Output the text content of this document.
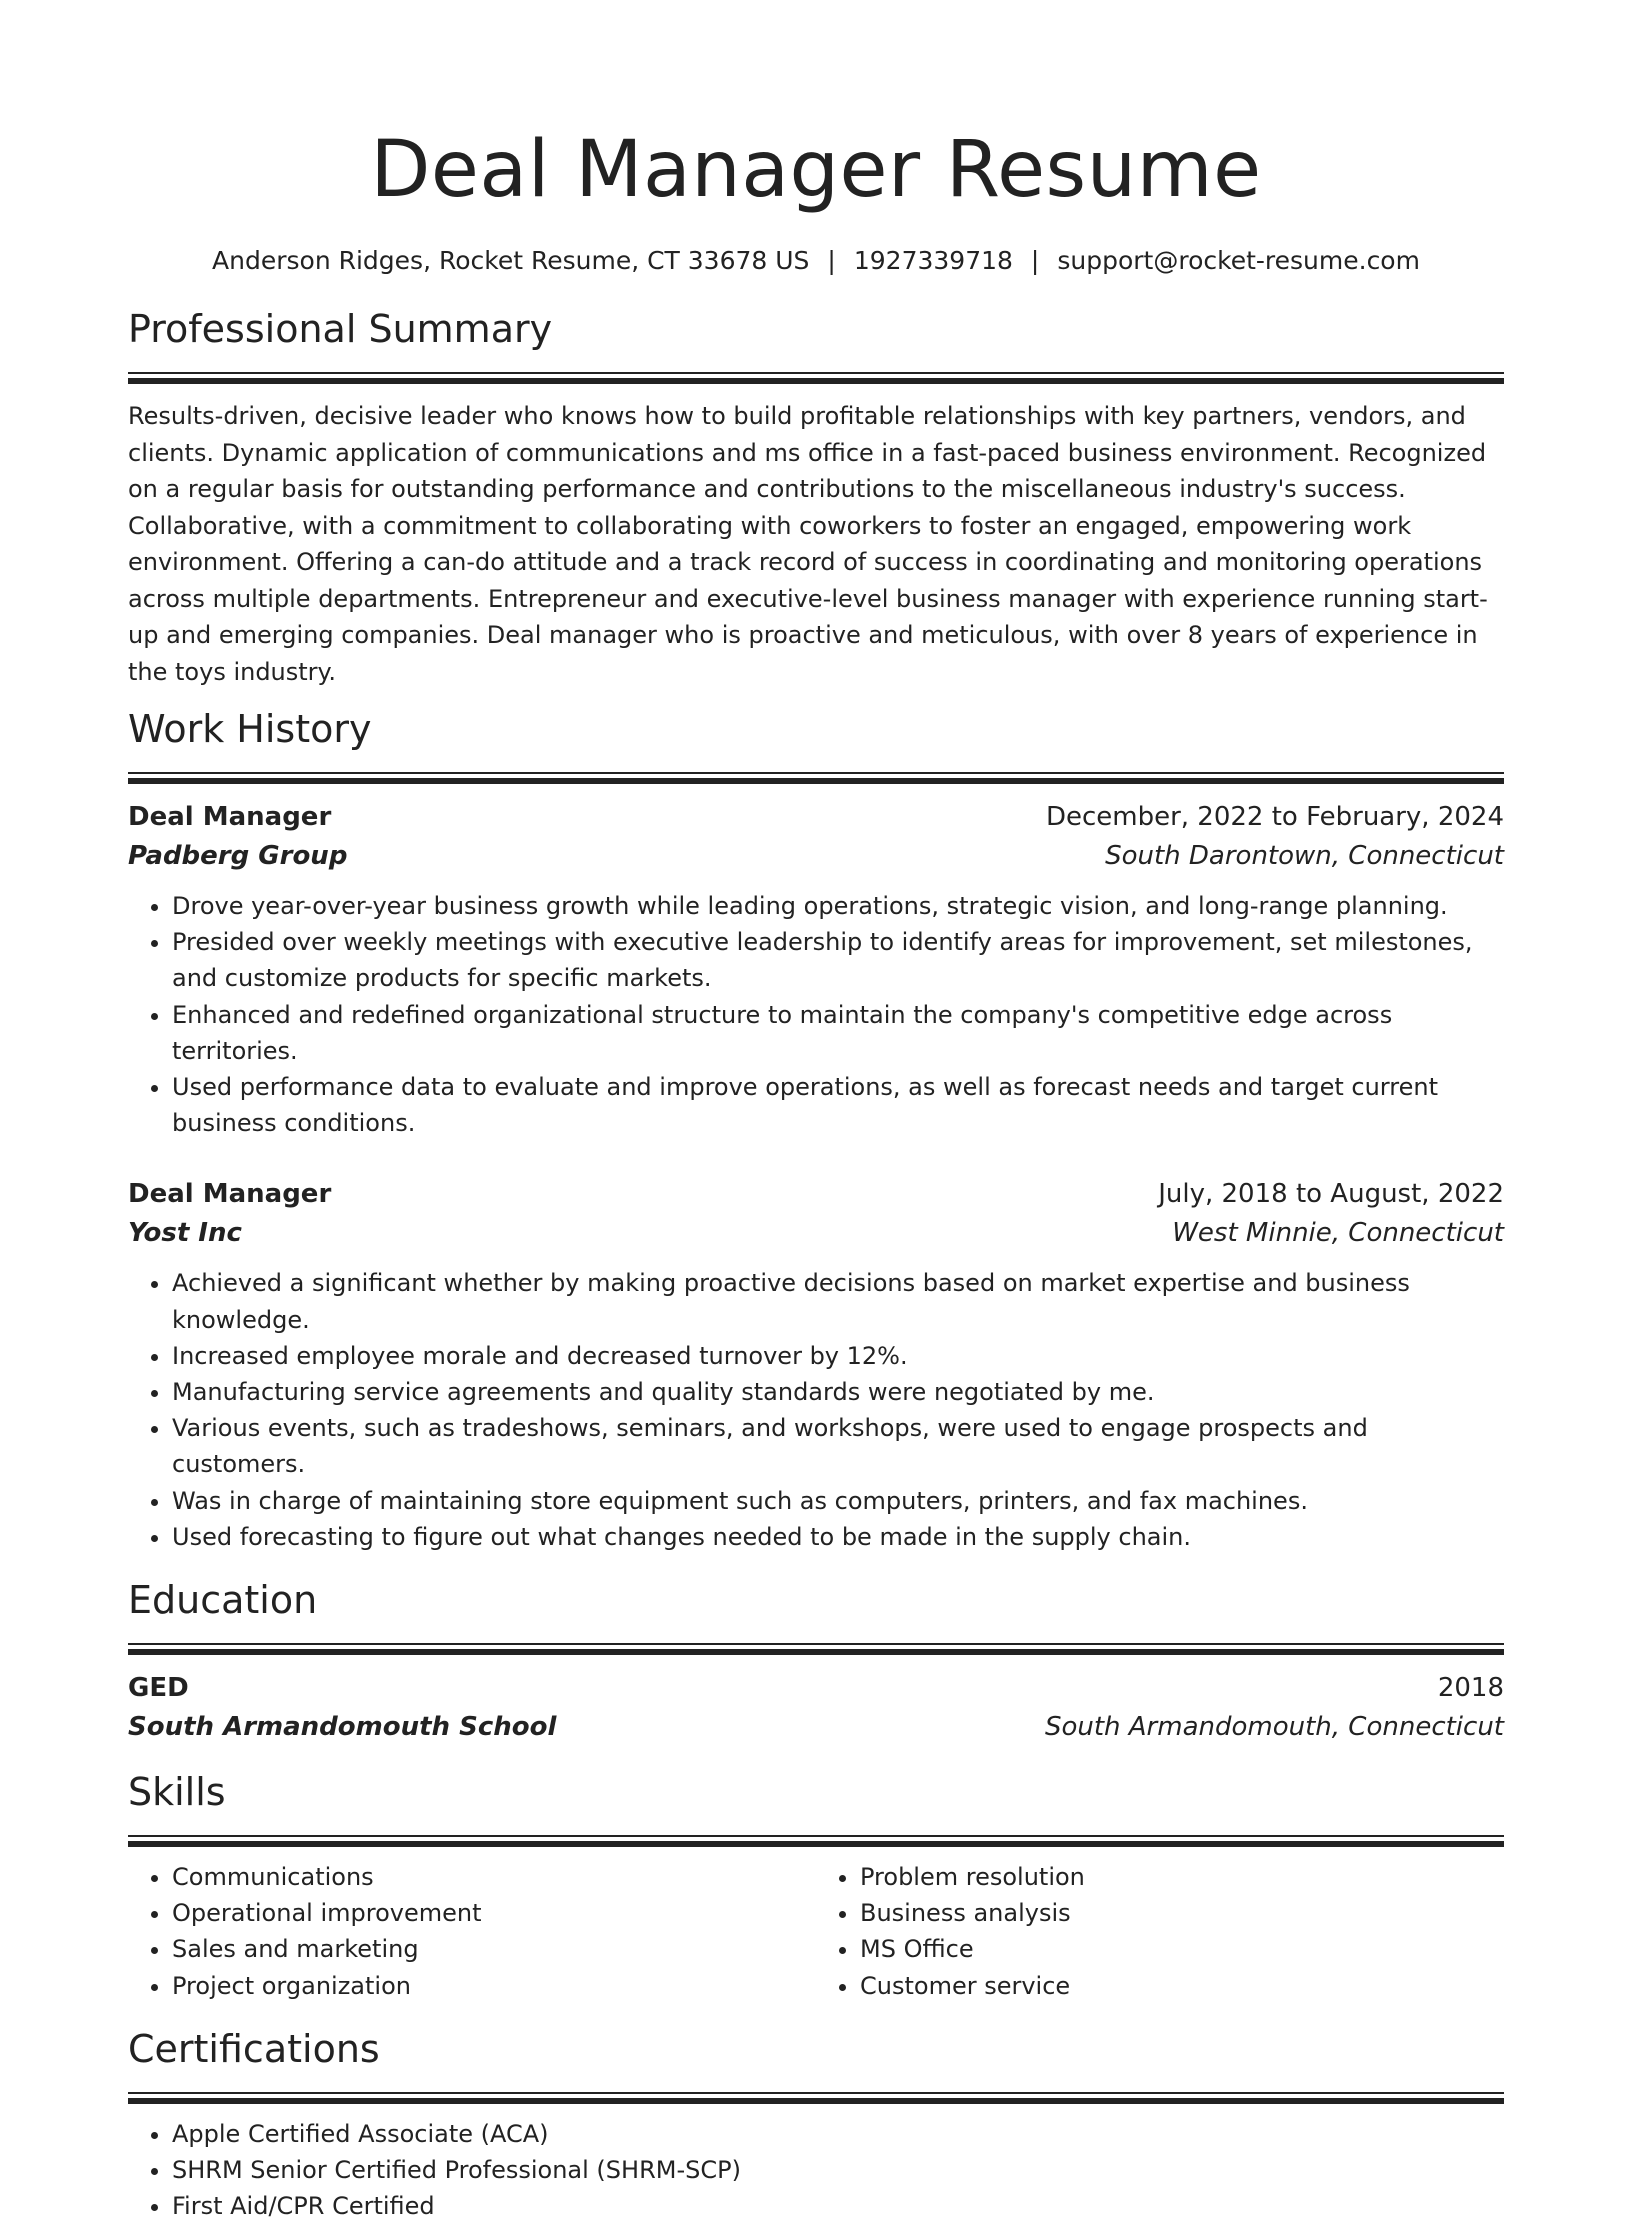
Deal Manager Resume
Anderson Ridges, Rocket Resume, CT 33678 US | 1927339718 | support@rocket-resume.com
Professional Summary
Results-driven, decisive leader who knows how to build profitable relationships with key partners, vendors, and clients. Dynamic application of communications and ms office in a fast-paced business environment. Recognized on a regular basis for outstanding performance and contributions to the miscellaneous industry's success. Collaborative, with a commitment to collaborating with coworkers to foster an engaged, empowering work environment. Offering a can-do attitude and a track record of success in coordinating and monitoring operations across multiple departments. Entrepreneur and executive-level business manager with experience running start-up and emerging companies. Deal manager who is proactive and meticulous, with over 8 years of experience in the toys industry.
Work History
Deal Manager	December, 2022 to February, 2024
Padberg Group	South Darontown, Connecticut
• Drove year-over-year business growth while leading operations, strategic vision, and long-range planning.
• Presided over weekly meetings with executive leadership to identify areas for improvement, set milestones, and customize products for specific markets.
• Enhanced and redefined organizational structure to maintain the company's competitive edge across territories.
• Used performance data to evaluate and improve operations, as well as forecast needs and target current business conditions.
Deal Manager	July, 2018 to August, 2022
Yost Inc	West Minnie, Connecticut
• Achieved a significant whether by making proactive decisions based on market expertise and business knowledge.
• Increased employee morale and decreased turnover by 12%.
• Manufacturing service agreements and quality standards were negotiated by me.
• Various events, such as tradeshows, seminars, and workshops, were used to engage prospects and customers.
• Was in charge of maintaining store equipment such as computers, printers, and fax machines.
• Used forecasting to figure out what changes needed to be made in the supply chain.
Education
GED	2018
South Armandomouth School	South Armandomouth, Connecticut
Skills
• Communications
• Operational improvement
• Sales and marketing
• Project organization
• Problem resolution
• Business analysis
• MS Office
• Customer service
Certifications
• Apple Certified Associate (ACA)
• SHRM Senior Certified Professional (SHRM-SCP)
• First Aid/CPR Certified
